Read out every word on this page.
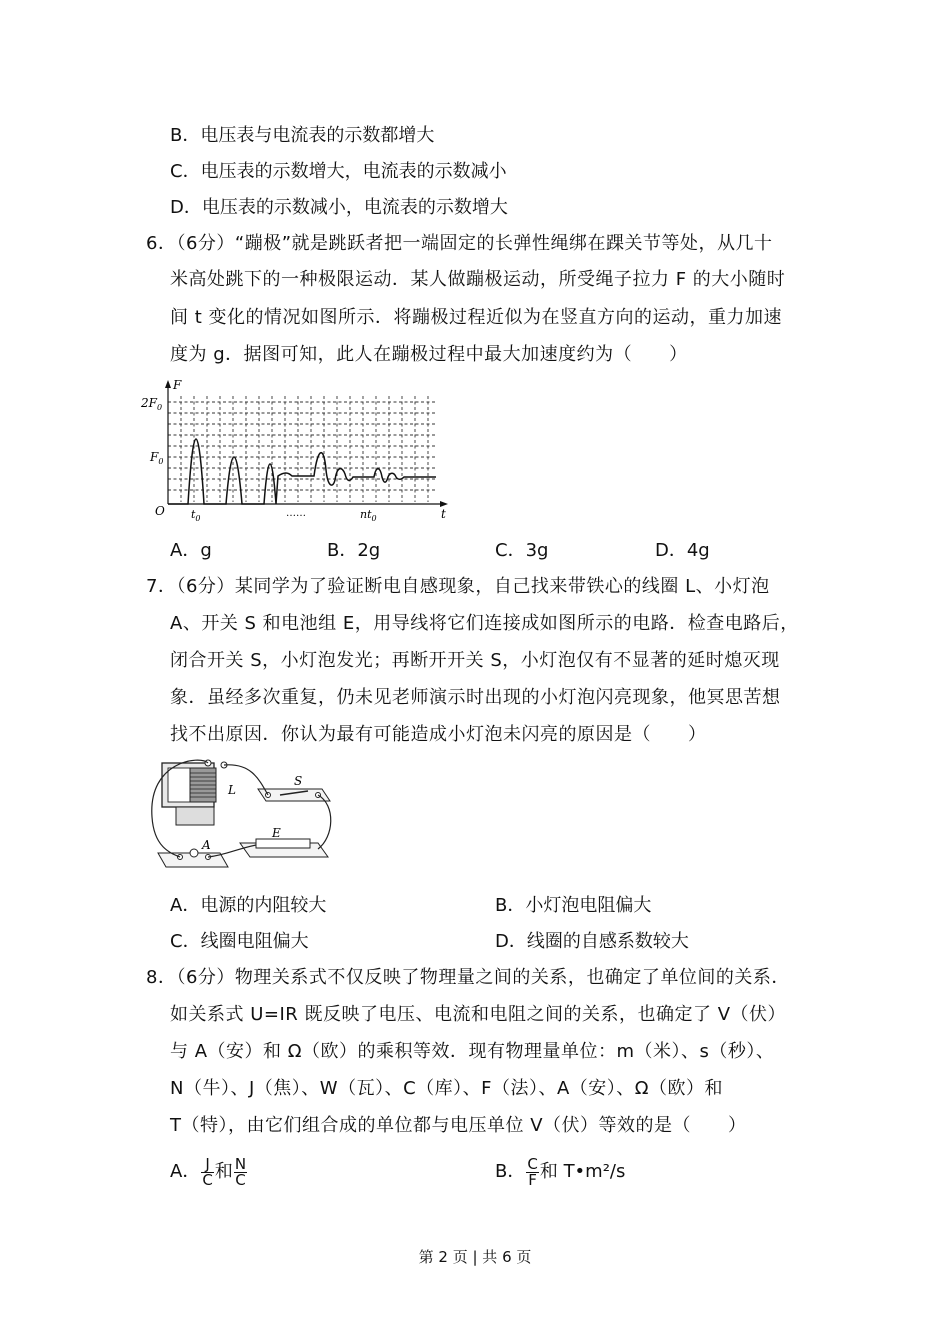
B．电压表与电流表的示数都增大
C．电压表的示数增大，电流表的示数减小
D．电压表的示数减小，电流表的示数增大
6．（6分）“蹦极”就是跳跃者把一端固定的长弹性绳绑在踝关节等处，从几十
米高处跳下的一种极限运动．某人做蹦极运动，所受绳子拉力 F 的大小随时
间 t 变化的情况如图所示．将蹦极过程近似为在竖直方向的运动，重力加速
度为 g．据图可知，此人在蹦极过程中最大加速度约为（　　）
F
t
O
$2F_0$
$F_0$
$t_0$	$nt_0$
……
A．g	B．2g	C．3g	D．4g
7．（6分）某同学为了验证断电自感现象，自己找来带铁心的线圈 L、小灯泡
A、开关 S 和电池组 E，用导线将它们连接成如图所示的电路．检查电路后，
闭合开关 S，小灯泡发光；再断开开关 S，小灯泡仅有不显著的延时熄灭现
象．虽经多次重复，仍未见老师演示时出现的小灯泡闪亮现象，他冥思苦想
找不出原因．你认为最有可能造成小灯泡未闪亮的原因是（　　）
L
S
E
A
A．电源的内阻较大	B．小灯泡电阻偏大
C．线圈电阻偏大	D．线圈的自感系数较大
8．（6分）物理关系式不仅反映了物理量之间的关系，也确定了单位间的关系．
如关系式 U=IR 既反映了电压、电流和电阻之间的关系，也确定了 V（伏）
与 A（安）和 Ω（欧）的乘积等效．现有物理量单位：m（米）、s（秒）、
N（牛）、J（焦）、W（瓦）、C（库）、F（法）、A（安）、Ω（欧）和
T（特），由它们组合成的单位都与电压单位 V（伏）等效的是（　　）
A． $\frac{J}{C}$ 和 $\frac{N}{C}$	B． $\frac{C}{F}$ 和 T•m²/s
第 2 页 | 共 6 页
